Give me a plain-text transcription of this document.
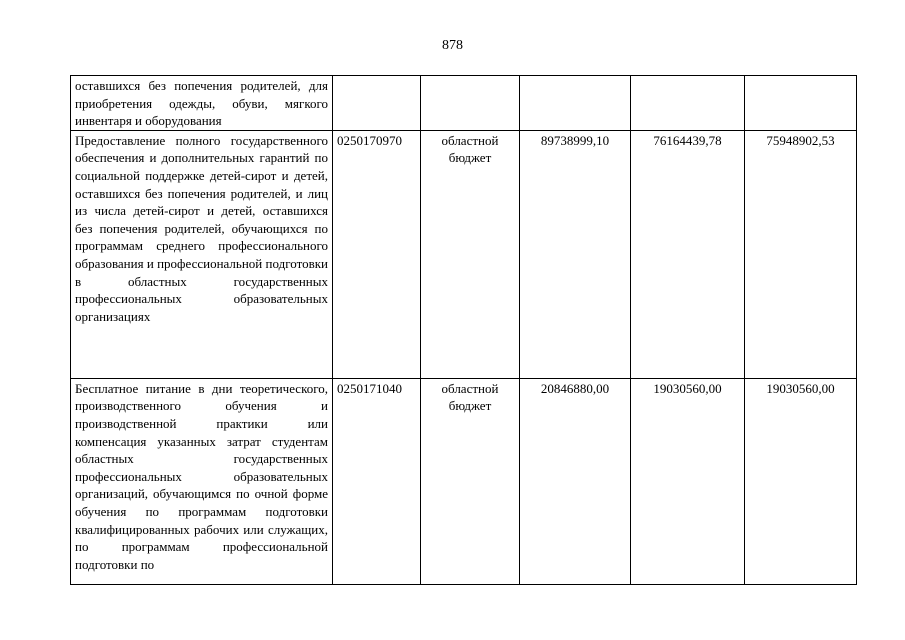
878
оставшихся без попечения родителей, для приобретения одежды, обуви, мягкого инвентаря и оборудования					
Предоставление полного государственного обеспечения и дополнительных гарантий по социальной поддержке детей-сирот и детей, оставшихся без попечения родителей, и лиц из числа детей-сирот и детей, оставшихся без попечения родителей, обучающихся по программам среднего профессионального образования и профессиональной подготовки в областных государственных профессиональных образовательных организациях	0250170970	областной бюджет	89738999,10	76164439,78	75948902,53
Бесплатное питание в дни теоретического, производственного обучения и производственной практики или компенсация указанных затрат студентам областных государственных профессиональных образовательных организаций, обучающимся по очной форме обучения по программам подготовки квалифицированных рабочих или служащих, по программам профессиональной подготовки по	0250171040	областной бюджет	20846880,00	19030560,00	19030560,00
